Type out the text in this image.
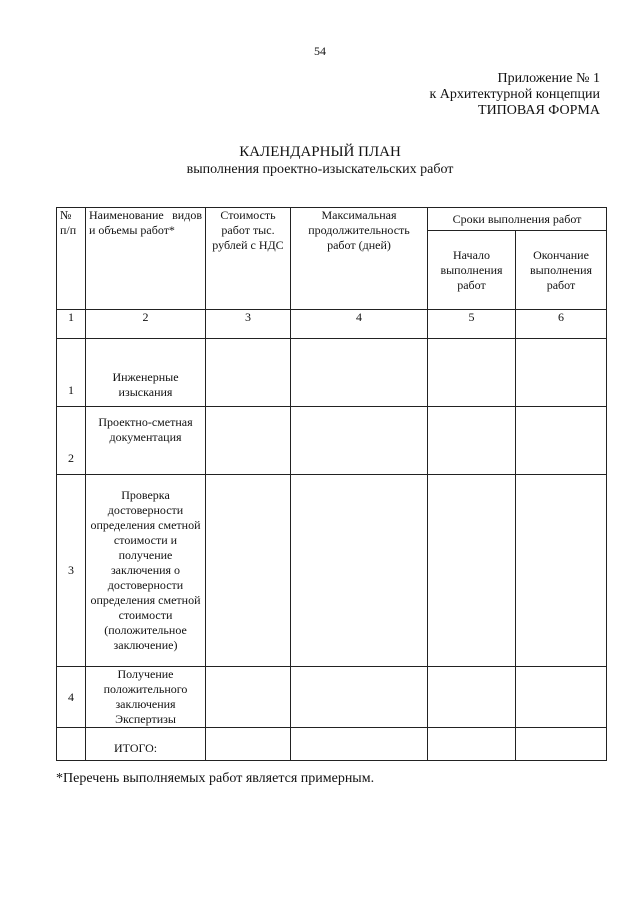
54
Приложение № 1
к Архитектурной концепции
ТИПОВАЯ ФОРМА
КАЛЕНДАРНЫЙ ПЛАН
выполнения проектно-изыскательских работ
№ п/п	Наименование видов и объемы работ*	Стоимость работ тыс. рублей с НДС	Максимальная продолжительность работ (дней)	Сроки выполнения работ	
				Начало выполнения работ	Окончание выполнения работ
1	2	3	4	5	6
1	Инженерные изыскания				
2	Проектно-сметная документация				
3	Проверка достоверности определения сметной стоимости и получение заключения о достоверности определения сметной стоимости (положительное заключение)				
4	Получение положительного заключения Экспертизы				
	ИТОГО:				
*Перечень выполняемых работ является примерным.
